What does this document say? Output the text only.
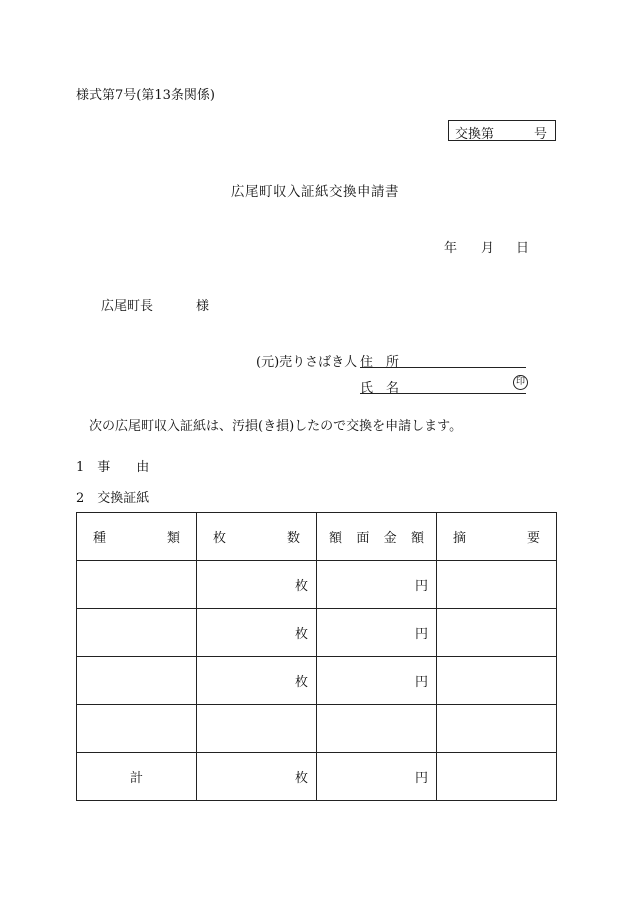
様式第7号(第13条関係)
交換第	号
広尾町収入証紙交換申請書
年 月 日
広尾町長	様
(元)売りさばき人 住　所
氏　名	印
次の広尾町収入証紙は、汚損(き損)したので交換を申請します。
1　事　　由
2　交換証紙
種 類	枚 数	額 面 金 額	摘 要

	枚	円	
	枚	円	
	枚	円	

計	枚	円	
